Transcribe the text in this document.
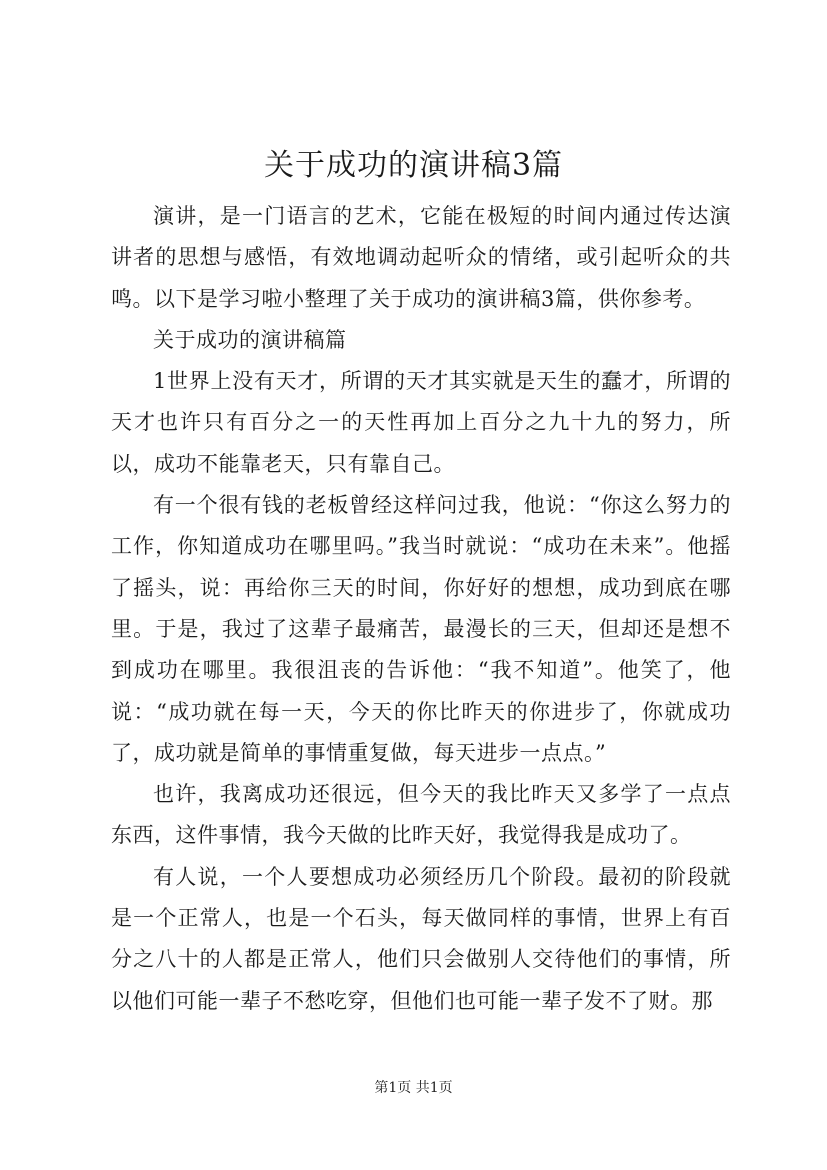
关于成功的演讲稿3篇

演讲，是一门语言的艺术，它能在极短的时间内通过传达演讲者的思想与感悟，有效地调动起听众的情绪，或引起听众的共鸣。以下是学习啦小整理了关于成功的演讲稿3篇，供你参考。

关于成功的演讲稿篇

1世界上没有天才，所谓的天才其实就是天生的蠢才，所谓的天才也许只有百分之一的天性再加上百分之九十九的努力，所以，成功不能靠老天，只有靠自己。

有一个很有钱的老板曾经这样问过我，他说：“你这么努力的工作，你知道成功在哪里吗。”我当时就说：“成功在未来”。他摇了摇头，说：再给你三天的时间，你好好的想想，成功到底在哪里。于是，我过了这辈子最痛苦，最漫长的三天，但却还是想不到成功在哪里。我很沮丧的告诉他：“我不知道”。他笑了，他说：“成功就在每一天，今天的你比昨天的你进步了，你就成功了，成功就是简单的事情重复做，每天进步一点点。”

也许，我离成功还很远，但今天的我比昨天又多学了一点点东西，这件事情，我今天做的比昨天好，我觉得我是成功了。

有人说，一个人要想成功必须经历几个阶段。最初的阶段就是一个正常人，也是一个石头，每天做同样的事情，世界上有百分之八十的人都是正常人，他们只会做别人交待他们的事情，所以他们可能一辈子不愁吃穿，但他们也可能一辈子发不了财。那

第1页 共1页
